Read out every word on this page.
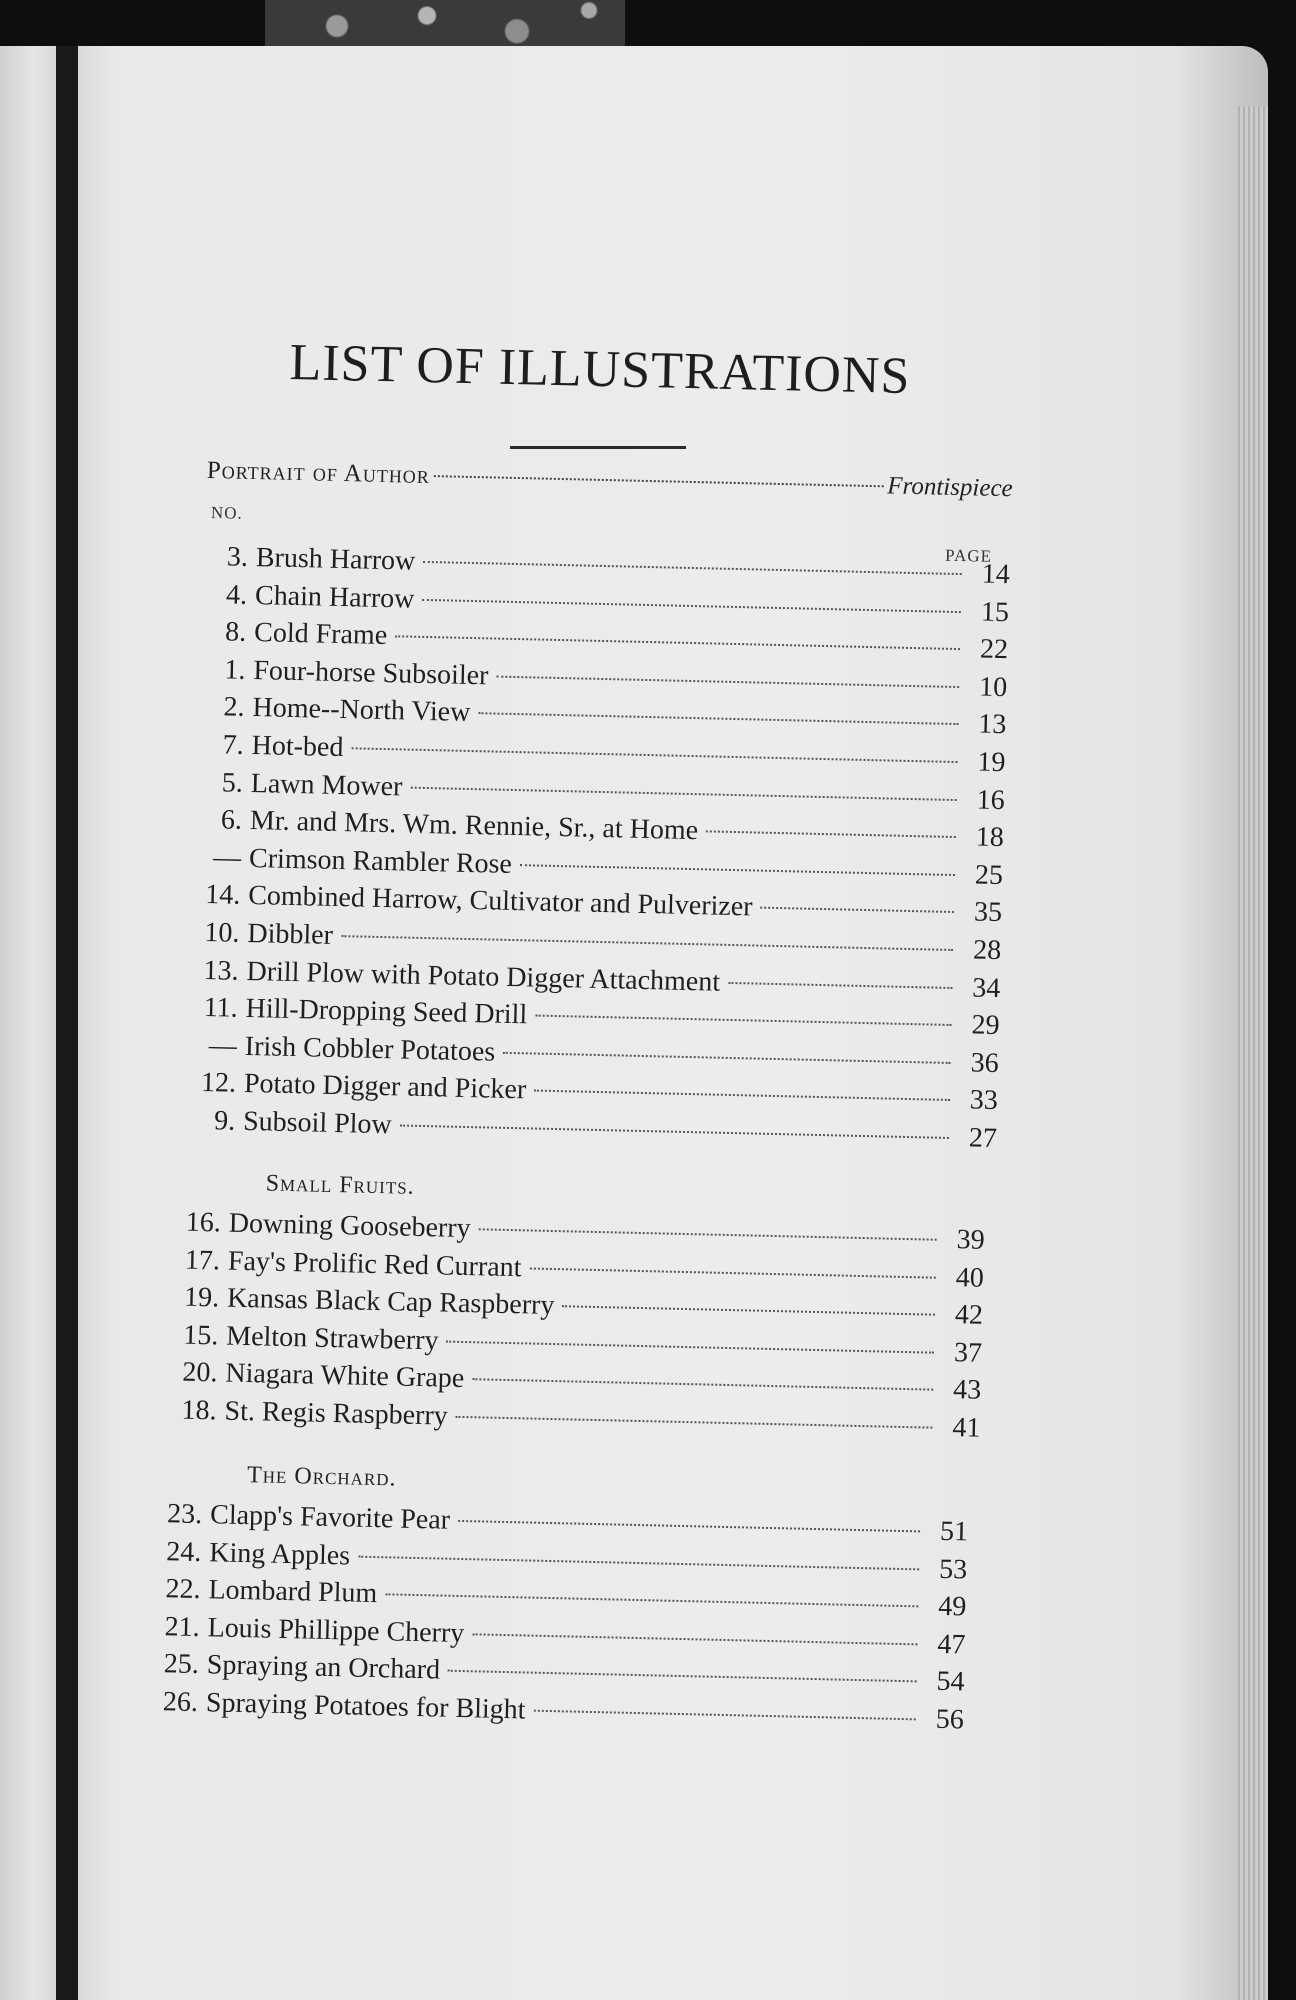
LIST OF ILLUSTRATIONS
Portrait of Author	Frontispiece
NO.
PAGE
3. Brush Harrow	14
4. Chain Harrow	15
8. Cold Frame	22
1. Four-horse Subsoiler	10
2. Home--North View	13
7. Hot-bed	19
5. Lawn Mower	16
6. Mr. and Mrs. Wm. Rennie, Sr., at Home	18
— Crimson Rambler Rose	25
14. Combined Harrow, Cultivator and Pulverizer	35
10. Dibbler	28
13. Drill Plow with Potato Digger Attachment	34
11. Hill-Dropping Seed Drill	29
— Irish Cobbler Potatoes	36
12. Potato Digger and Picker	33
9. Subsoil Plow	27
Small Fruits.
16. Downing Gooseberry	39
17. Fay's Prolific Red Currant	40
19. Kansas Black Cap Raspberry	42
15. Melton Strawberry	37
20. Niagara White Grape	43
18. St. Regis Raspberry	41
The Orchard.
23. Clapp's Favorite Pear	51
24. King Apples	53
22. Lombard Plum	49
21. Louis Phillippe Cherry	47
25. Spraying an Orchard	54
26. Spraying Potatoes for Blight	56
